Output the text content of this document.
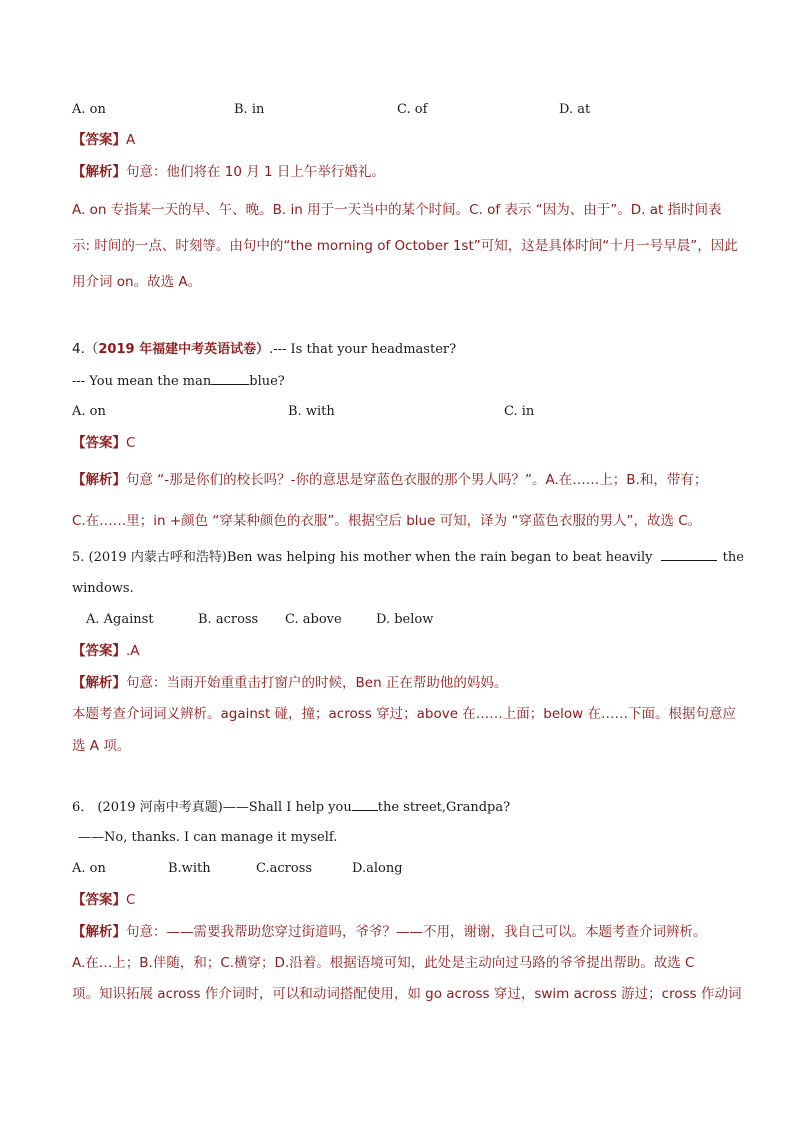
A. on	B. in	C. of	D. at
【答案】A
【解析】句意：他们将在 10 月 1 日上午举行婚礼。
A. on 专指某一天的早、午、晚。B. in 用于一天当中的某个时间。C. of 表示 “因为、由于”。D. at 指时间表
示: 时间的一点、时刻等。由句中的“the morning of October 1st”可知，这是具体时间“十月一号早晨”，因此
用介词 on。故选 A。
4.（2019 年福建中考英语试卷）.--- Is that your headmaster?
--- You mean the man	blue?
A. on	B. with	C. in
【答案】C
【解析】句意 “-那是你们的校长吗？-你的意思是穿蓝色衣服的那个男人吗？”。A.在……上；B.和，带有；
C.在……里；in +颜色 “穿某种颜色的衣服”。根据空后 blue 可知，译为 “穿蓝色衣服的男人”，故选 C。
5. (2019 内蒙古呼和浩特)Ben was helping his mother when the rain began to beat heavily	the
windows.
A. Against	B. across C. above	D. below
【答案】.A
【解析】句意：当雨开始重重击打窗户的时候，Ben 正在帮助他的妈妈。
本题考查介词词义辨析。against 碰，撞；across 穿过；above 在……上面；below 在……下面。根据句意应
选 A 项。
6． (2019 河南中考真题)——Shall I help you the street,Grandpa?
——No, thanks. I can manage it myself.
A. on	B.with	C.across	D.along
【答案】C
【解析】句意：——需要我帮助您穿过街道吗，爷爷？——不用，谢谢，我自己可以。本题考查介词辨析。
A.在…上；B.伴随，和；C.横穿；D.沿着。根据语境可知，此处是主动向过马路的爷爷提出帮助。故选 C
项。知识拓展 across 作介词时，可以和动词搭配使用，如 go across 穿过，swim across 游过；cross 作动词
